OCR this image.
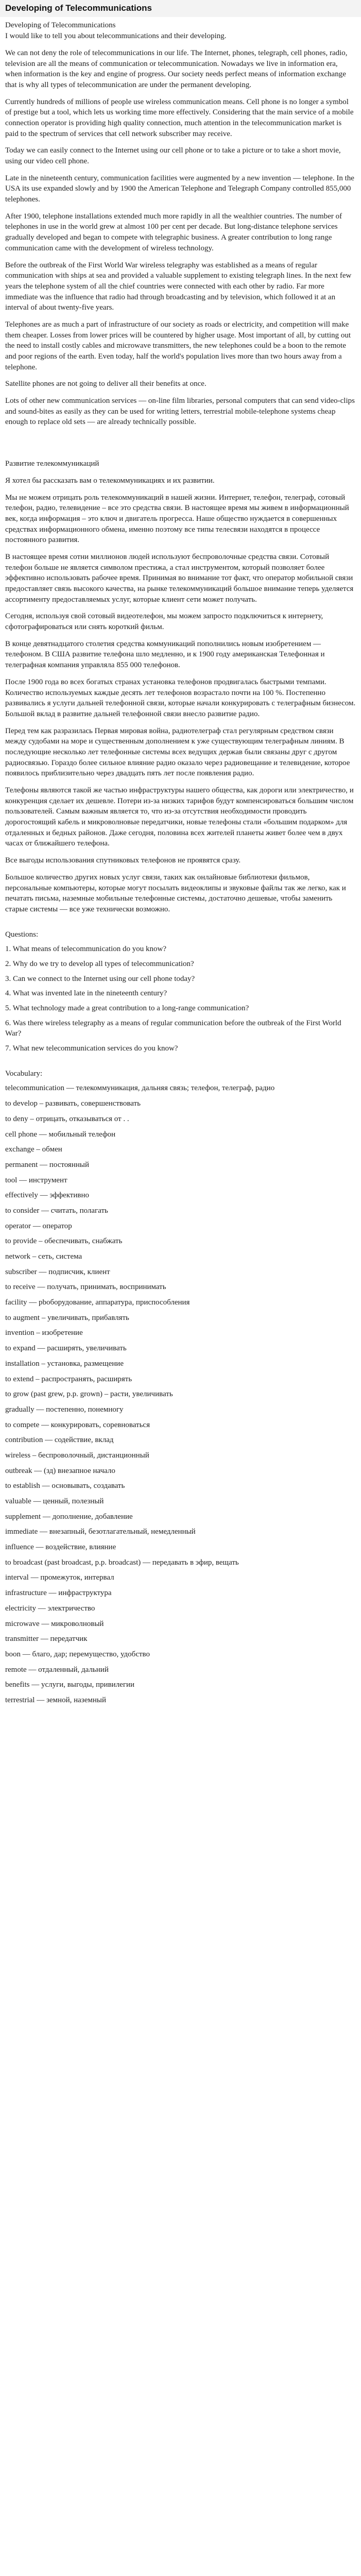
Developing of Telecommunications

Developing of Telecommunications

I would like to tell you about telecommunications and their developing.

We can not deny the role of telecommunications in our life. The Internet, phones, telegraph, cell phones, radio, television are all the means of communication or telecommunication. Nowadays we live in information era, when information is the key and engine of progress. Our society needs perfect means of information exchange that is why all types of telecommunication are under the permanent developing.

Currently hundreds of millions of people use wireless communication means. Cell phone is no longer a symbol of prestige but a tool, which lets us working time more effectively. Considering that the main service of a mobile connection operator is providing high quality connection, much attention in the telecommunication market is paid to the spectrum of services that cell network subscriber may receive.

Today we can easily connect to the Internet using our cell phone or to take a picture or to take a short movie, using our video cell phone.

Late in the nineteenth century, communication facilities were augmented by a new invention — telephone. In the USA its use expanded slowly and by 1900 the American Telephone and Telegraph Company controlled 855,000 telephones.

After 1900, telephone installations extended much more rapidly in all the wealthier countries. The number of telephones in use in the world grew at almost 100 per cent per decade. But long-distance telephone services gradually developed and began to compete with telegraphic business. A greater contribution to long range communication came with the development of wireless technology.

Before the outbreak of the First World War wireless telegraphy was established as a means of regular communication with ships at sea and provided a valuable supplement to existing telegraph lines. In the next few years the telephone system of all the chief countries were connected with each other by radio. Far more immediate was the influence that radio had through broadcasting and by television, which followed it at an interval of about twenty-five years.

Telephones are as much a part of infrastructure of our society as roads or electricity, and competition will make them cheaper. Losses from lower prices will be countered by higher usage. Most important of all, by cutting out the need to install costly cables and microwave transmitters, the new telephones could be a boon to the remote and poor regions of the earth. Even today, half the world's population lives more than two hours away from a telephone.

Satellite phones are not going to deliver all their benefits at once.

Lots of other new communication services — on-line film libraries, personal computers that can send video-clips and sound-bites as easily as they can be used for writing letters, terrestrial mobile-telephone systems cheap enough to replace old sets — are already technically possible.

Развитие телекоммуникаций

Я хотел бы рассказать вам о телекоммуникациях и их развитии.

Мы не можем отрицать роль телекоммуникаций в нашей жизни. Интернет, телефон, телеграф, сотовый телефон, радио, телевидение – все это средства связи. В настоящее время мы живем в информационный век, когда информация – это ключ и двигатель прогресса. Наше общество нуждается в совершенных средствах информационного обмена, именно поэтому все типы телесвязи находятся в процессе постоянного развития.

В настоящее время сотни миллионов людей используют беспроволочные средства связи. Сотовый телефон больше не является символом престижа, а стал инструментом, который позволяет более эффективно использовать рабочее время. Принимая во внимание тот факт, что оператор мобильной связи предоставляет связь высокого качества, на рынке телекоммуникаций большое внимание теперь уделяется ассортименту предоставляемых услуг, которые клиент сети может получать.

Сегодня, используя свой сотовый видеотелефон, мы можем запросто подключиться к интернету, сфотографироваться или снять короткий фильм.

В конце девятнадцатого столетия средства коммуникаций пополнились новым изобретением — телефоном. В США развитие телефона шло медленно, и к 1900 году американская Телефонная и телеграфная компания управляла 855 000 телефонов.

После 1900 года во всех богатых странах установка телефонов продвигалась быстрыми темпами. Количество используемых каждые десять лет телефонов возрастало почти на 100 %. Постепенно развивались я услуги дальней телефонной связи, которые начали конкурировать с телеграфным бизнесом. Большой вклад в развитие дальней телефонной связи внесло развитие радио.

Перед тем как разразилась Первая мировая война, радиотелеграф стал регулярным средством связи между судобами на море и существенным дополнением к уже существующим телеграфным линиям. В последующие несколько лет телефонные системы всех ведущих держав были связаны друг с другом радиосвязью. Гораздо более сильное влияние радио оказало через радиовещание и телевидение, которое появилось приблизительно через двадцать пять лет после появления радио.

Телефоны являются такой же частью инфраструктуры нашего общества, как дороги или электричество, и конкуренция сделает их дешевле. Потери из-за низких тарифов будут компенсироваться большим числом пользователей. Самым важным является то, что из-за отсутствия необходимости проводить дорогостоящий кабель и микроволновые передатчики, новые телефоны стали «большим подарком» для отдаленных и бедных районов. Даже сегодня, половина всех жителей планеты живет более чем в двух часах от ближайшего телефона.

Все выгоды использования спутниковых телефонов не проявятся сразу.

Большое количество других новых услуг связи, таких как онлайновые библиотеки фильмов, персональные компьютеры, которые могут посылать видеоклипы и звуковые файлы так же легко, как и печатать письма, наземные мобильные телефонные системы, достаточно дешевые, чтобы заменить старые системы — все уже технически возможно.

Questions:

1. What means of telecommunication do you know?

2. Why do we try to develop all types of telecommunication?

3. Can we connect to the Internet using our cell phone today?

4. What was invented late in the nineteenth century?

5. What technology made a great contribution to a long-range communication?

6. Was there wireless telegraphy as a means of regular communication before the outbreak of the First World War?

7. What new telecommunication services do you know?

Vocabulary:

telecommunication — телекоммуникация, дальняя связь; телефон, телеграф, радио

to develop – развивать, совершенствовать

to deny – отрицать, отказываться от . .

cell phone — мобильный телефон

exchange – обмен

permanent — постоянный

tool — инструмент

effectively — эффективно

to consider — считать, полагать

operator — оператор

to provide – обеспечивать, снабжать

network – сеть, система

subscriber — подписчик, клиент

to receive — получать, принимать, воспринимать

facility — pboборудование, аппаратура, приспособления

to augment – увеличивать, прибавлять

invention – изобретение

to expand — расширять, увеличивать

installation – установка, размещение

to extend – распространять, расширять

to grow (past grew, p.p. grown) – расти, увеличивать

gradually — постепенно, понемногу

to compete — конкурировать, соревноваться

contribution — содействие, вклад

wireless – беспроволочный, дистанционный

outbreak — (зд) внезапное начало

to establish — основывать, создавать

valuable — ценный, полезный

supplement — дополнение, добавление

immediate — внезапный, безотлагательный, немедленный

influence — воздействие, влияние

to broadcast (past broadcast, p.p. broadcast) — передавать в эфир, вещать

interval — промежуток, интервал

infrastructure — инфраструктура

electricity — электричество

microwave — микроволновый

transmitter — передатчик

boon — благо, дар; перемущество, удобство

remote — отдаленный, дальний

benefits — услуги, выгоды, привилегии

terrestrial — земной, наземный
